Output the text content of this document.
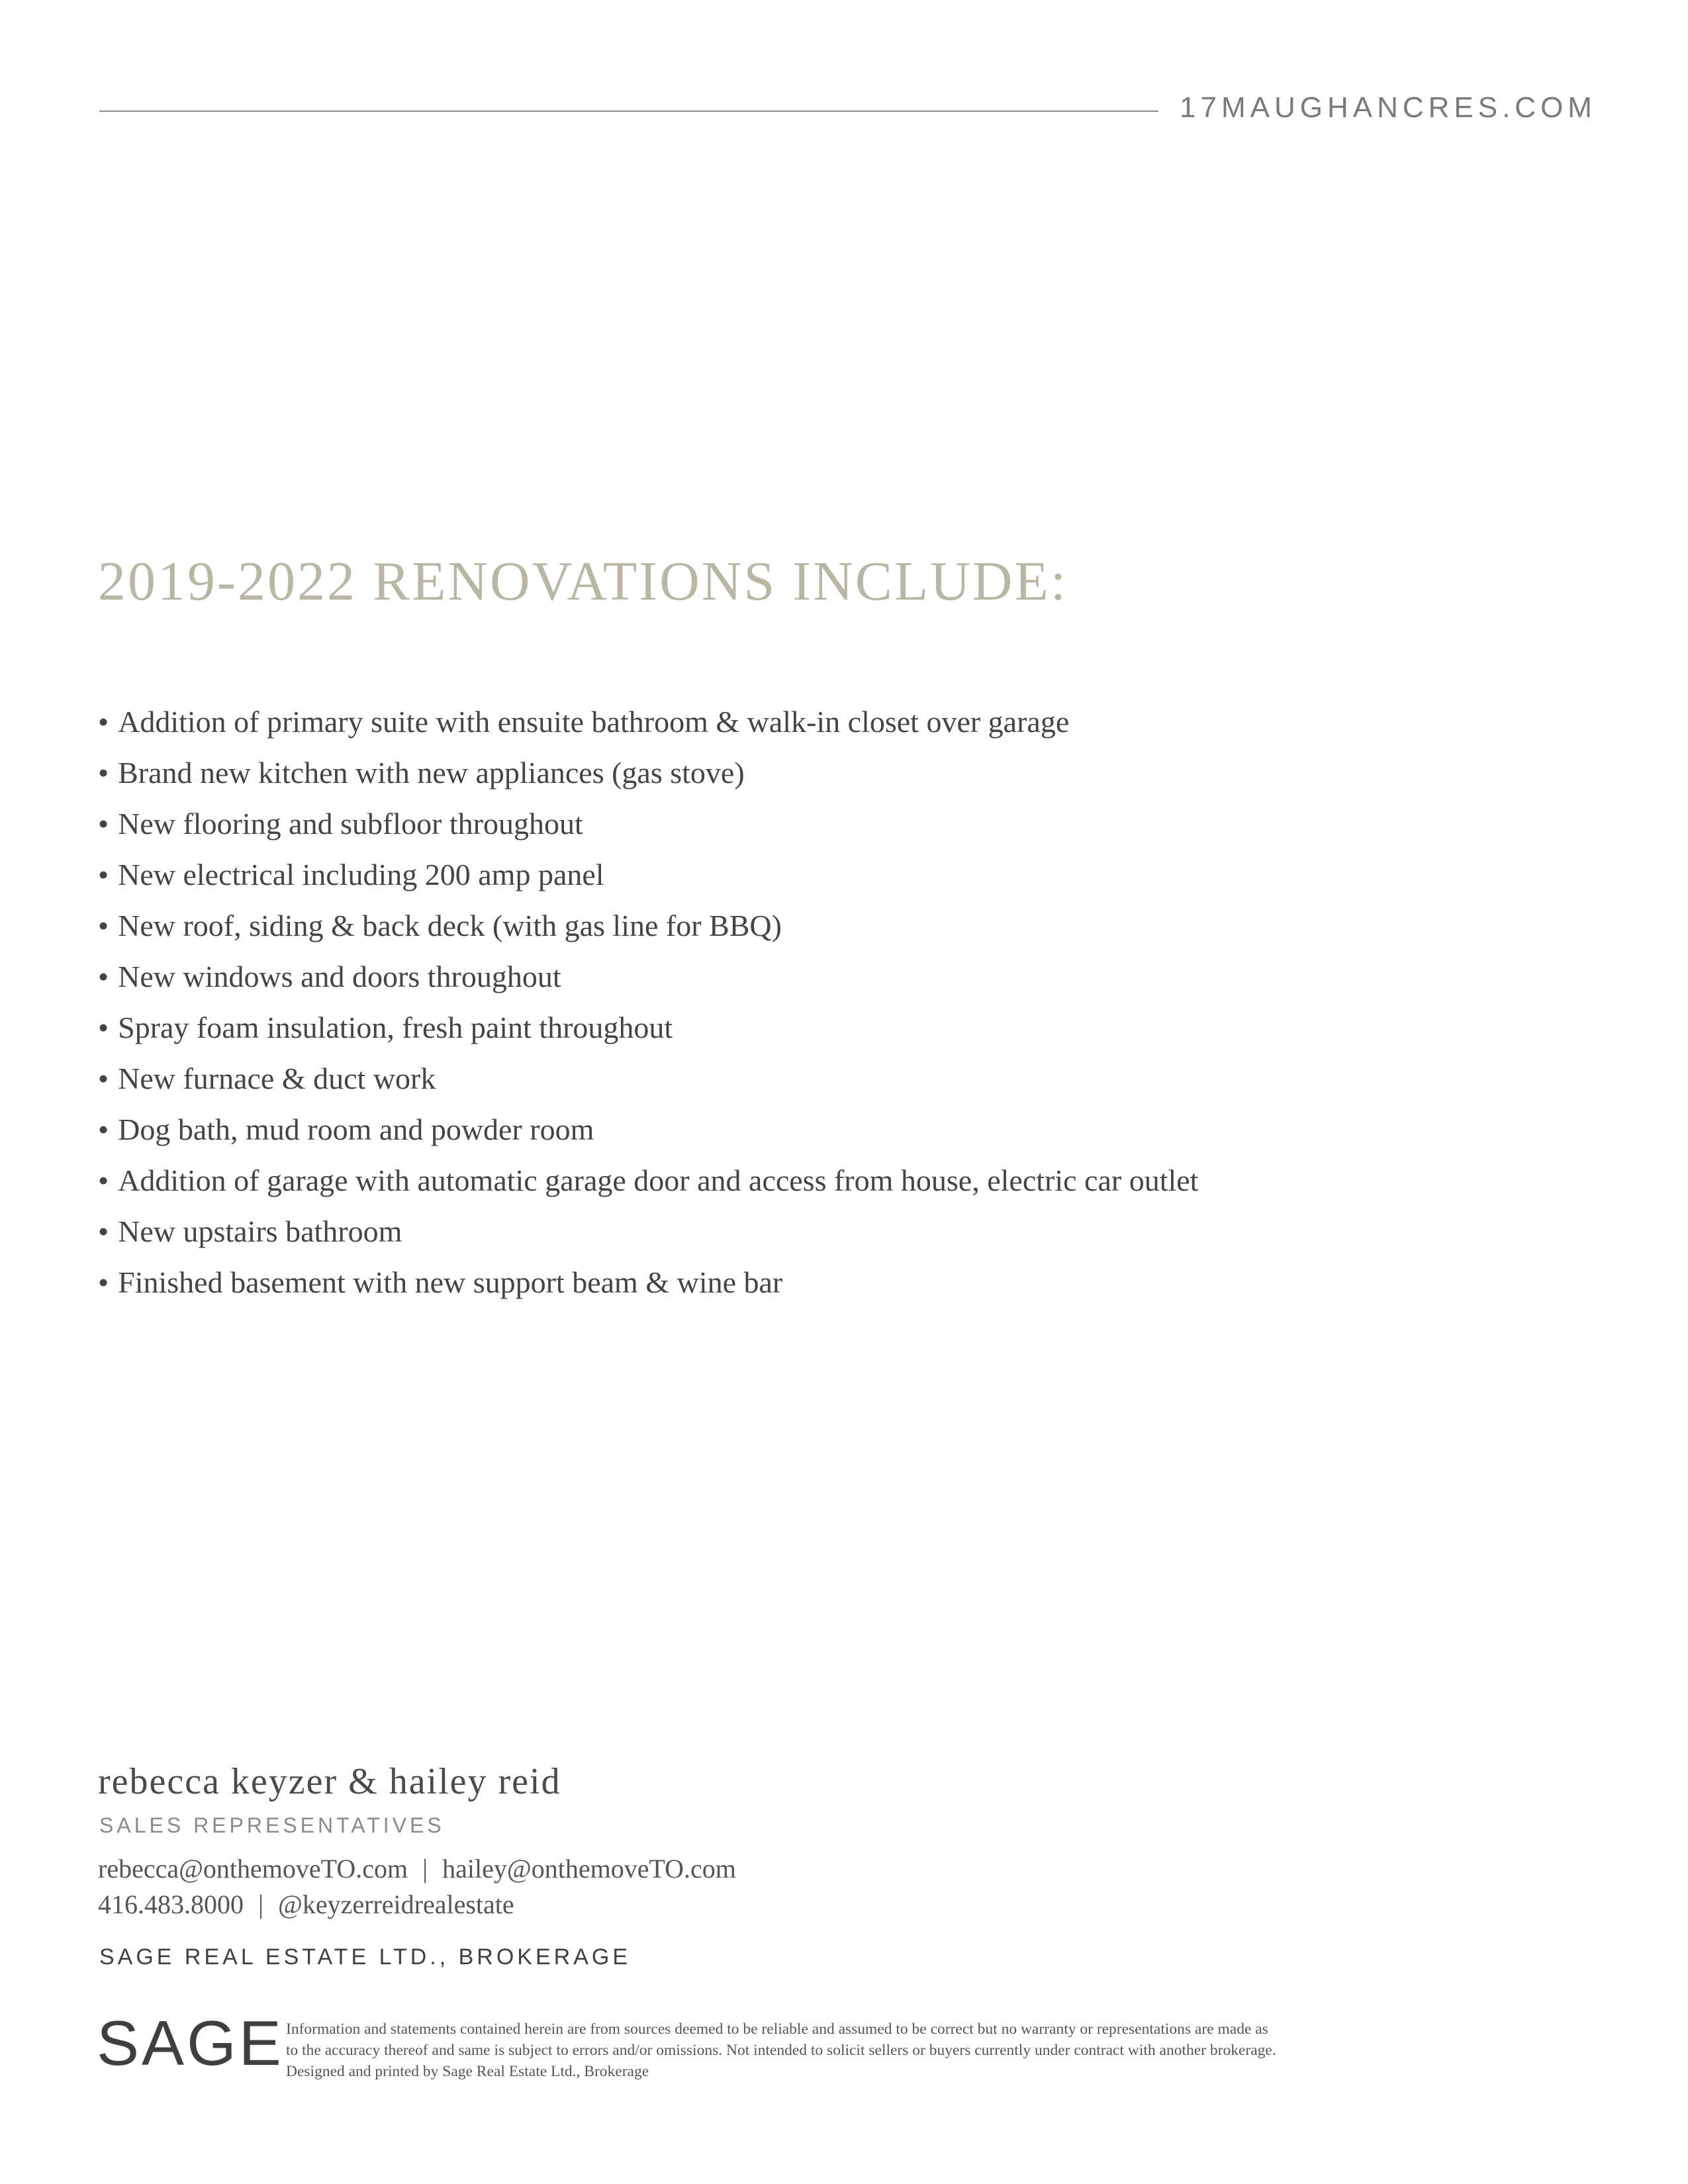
17MAUGHANCRES.COM
2019-2022 RENOVATIONS INCLUDE:
• Addition of primary suite with ensuite bathroom & walk-in closet over garage
• Brand new kitchen with new appliances (gas stove)
• New flooring and subfloor throughout
• New electrical including 200 amp panel
• New roof, siding & back deck (with gas line for BBQ)
• New windows and doors throughout
• Spray foam insulation, fresh paint throughout
• New furnace & duct work
• Dog bath, mud room and powder room
• Addition of garage with automatic garage door and access from house, electric car outlet
• New upstairs bathroom
• Finished basement with new support beam & wine bar
rebecca keyzer & hailey reid
SALES REPRESENTATIVES
rebecca@onthemoveTO.com | hailey@onthemoveTO.com
416.483.8000 | @keyzerreidrealestate
SAGE REAL ESTATE LTD., BROKERAGE
SAGE Information and statements contained herein are from sources deemed to be reliable and assumed to be correct but no warranty or representations are made as
to the accuracy thereof and same is subject to errors and/or omissions. Not intended to solicit sellers or buyers currently under contract with another brokerage.
Designed and printed by Sage Real Estate Ltd., Brokerage
